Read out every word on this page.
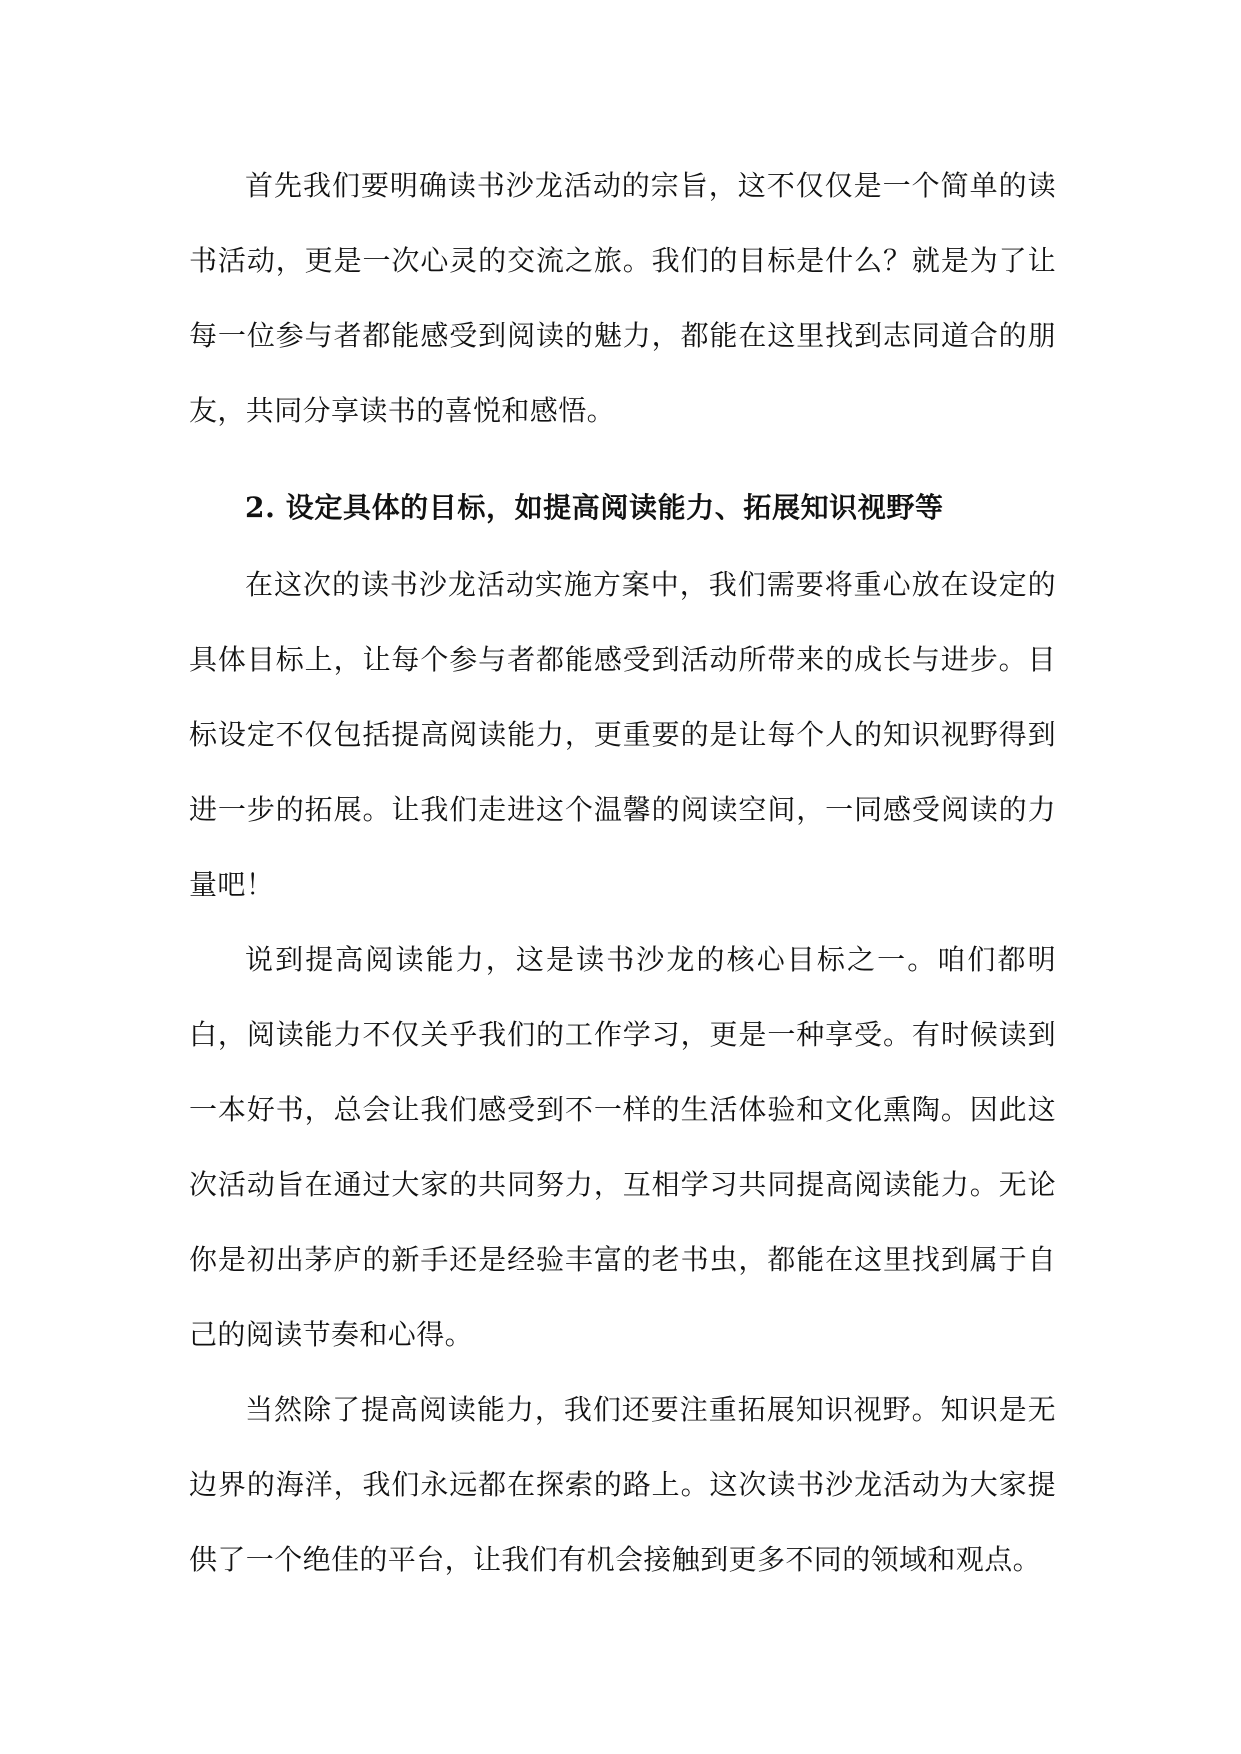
首先我们要明确读书沙龙活动的宗旨，这不仅仅是一个简单的读书活动，更是一次心灵的交流之旅。我们的目标是什么？就是为了让每一位参与者都能感受到阅读的魅力，都能在这里找到志同道合的朋友，共同分享读书的喜悦和感悟。

2. 设定具体的目标，如提高阅读能力、拓展知识视野等

在这次的读书沙龙活动实施方案中，我们需要将重心放在设定的具体目标上，让每个参与者都能感受到活动所带来的成长与进步。目标设定不仅包括提高阅读能力，更重要的是让每个人的知识视野得到进一步的拓展。让我们走进这个温馨的阅读空间，一同感受阅读的力量吧！

说到提高阅读能力，这是读书沙龙的核心目标之一。咱们都明白，阅读能力不仅关乎我们的工作学习，更是一种享受。有时候读到一本好书，总会让我们感受到不一样的生活体验和文化熏陶。因此这次活动旨在通过大家的共同努力，互相学习共同提高阅读能力。无论你是初出茅庐的新手还是经验丰富的老书虫，都能在这里找到属于自己的阅读节奏和心得。

当然除了提高阅读能力，我们还要注重拓展知识视野。知识是无边界的海洋，我们永远都在探索的路上。这次读书沙龙活动为大家提供了一个绝佳的平台，让我们有机会接触到更多不同的领域和观点。
